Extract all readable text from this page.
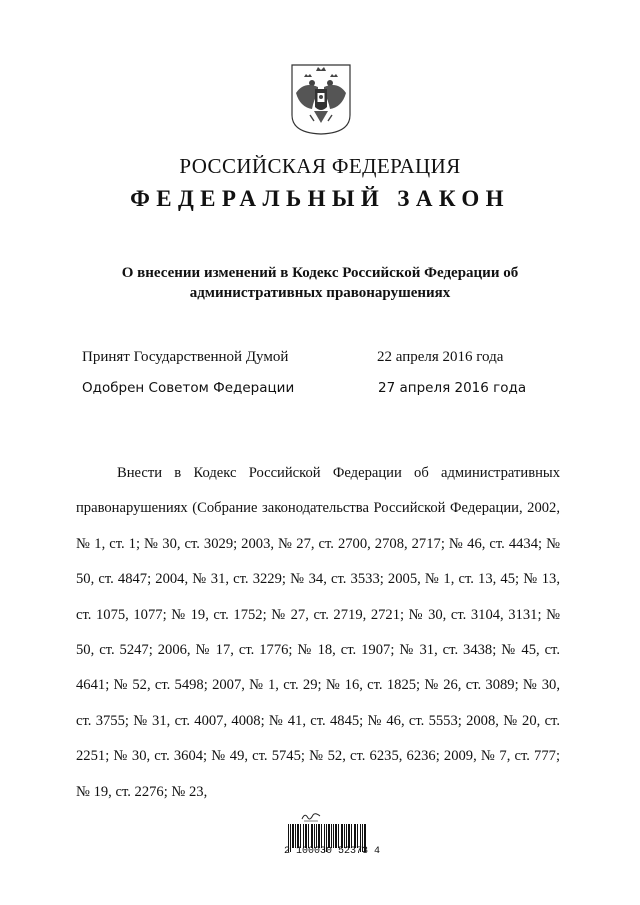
РОССИЙСКАЯ ФЕДЕРАЦИЯ
ФЕДЕРАЛЬНЫЙ ЗАКОН
О внесении изменений в Кодекс Российской Федерации об
административных правонарушениях
Принят Государственной Думой	22 апреля 2016 года
Одобрен Советом Федерации	27 апреля 2016 года

Внести в Кодекс Российской Федерации об административных правонарушениях (Собрание законодательства Российской Федерации, 2002, № 1, ст. 1; № 30, ст. 3029; 2003, № 27, ст. 2700, 2708, 2717; № 46, ст. 4434; № 50, ст. 4847; 2004, № 31, ст. 3229; № 34, ст. 3533; 2005, № 1, ст. 13, 45; № 13, ст. 1075, 1077; № 19, ст. 1752; № 27, ст. 2719, 2721; № 30, ст. 3104, 3131; № 50, ст. 5247; 2006, № 17, ст. 1776; № 18, ст. 1907; № 31, ст. 3438; № 45, ст. 4641; № 52, ст. 5498; 2007, № 1, ст. 29; № 16, ст. 1825; № 26, ст. 3089; № 30, ст. 3755; № 31, ст. 4007, 4008; № 41, ст. 4845; № 46, ст. 5553; 2008, № 20, ст. 2251; № 30, ст. 3604; № 49, ст. 5745; № 52, ст. 6235, 6236; 2009, № 7, ст. 777; № 19, ст. 2276; № 23,

2 100030 52373 4
